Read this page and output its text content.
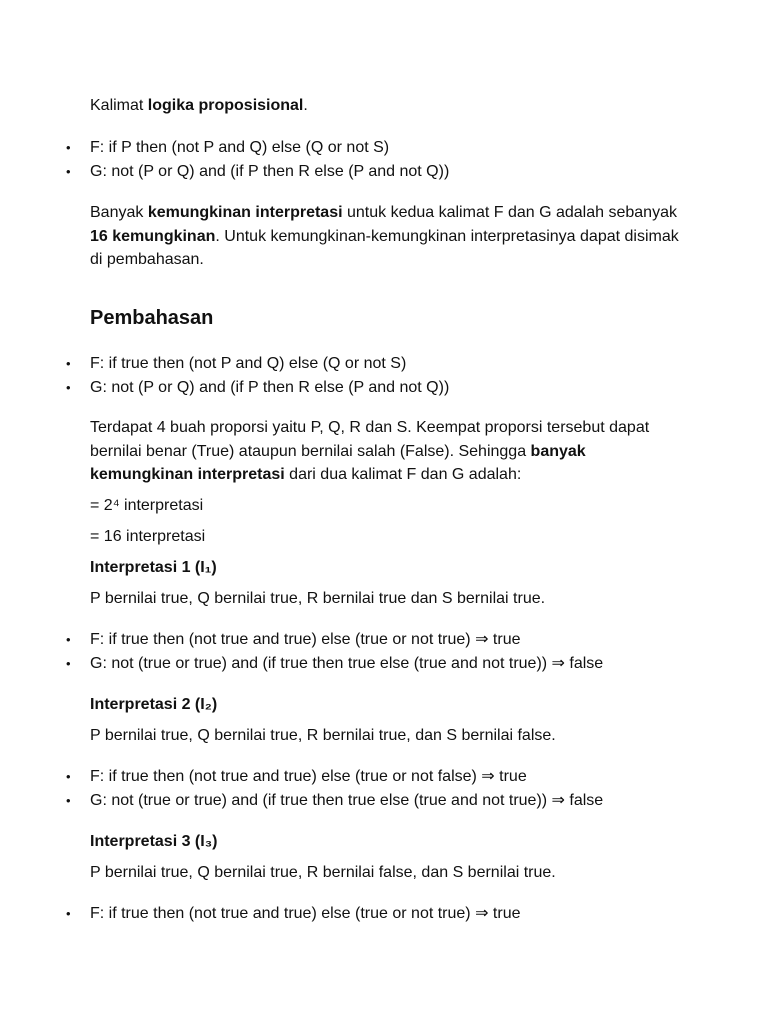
Kalimat logika proposisional.

• F: if P then (not P and Q) else (Q or not S)
• G: not (P or Q) and (if P then R else (P and not Q))

Banyak kemungkinan interpretasi untuk kedua kalimat F dan G adalah sebanyak 16 kemungkinan. Untuk kemungkinan-kemungkinan interpretasinya dapat disimak di pembahasan.

Pembahasan
• F: if true then (not P and Q) else (Q or not S)
• G: not (P or Q) and (if P then R else (P and not Q))

Terdapat 4 buah proporsi yaitu P, Q, R dan S. Keempat proporsi tersebut dapat bernilai benar (True) ataupun bernilai salah (False). Sehingga banyak kemungkinan interpretasi dari dua kalimat F dan G adalah:

= 2⁴ interpretasi

= 16 interpretasi

Interpretasi 1 (I₁)

P bernilai true, Q bernilai true, R bernilai true dan S bernilai true.

• F: if true then (not true and true) else (true or not true) ⇒ true
• G: not (true or true) and (if true then true else (true and not true)) ⇒ false

Interpretasi 2 (I₂)

P bernilai true, Q bernilai true, R bernilai true, dan S bernilai false.

• F: if true then (not true and true) else (true or not false) ⇒ true
• G: not (true or true) and (if true then true else (true and not true)) ⇒ false

Interpretasi 3 (I₃)

P bernilai true, Q bernilai true, R bernilai false, dan S bernilai true.

• F: if true then (not true and true) else (true or not true) ⇒ true
